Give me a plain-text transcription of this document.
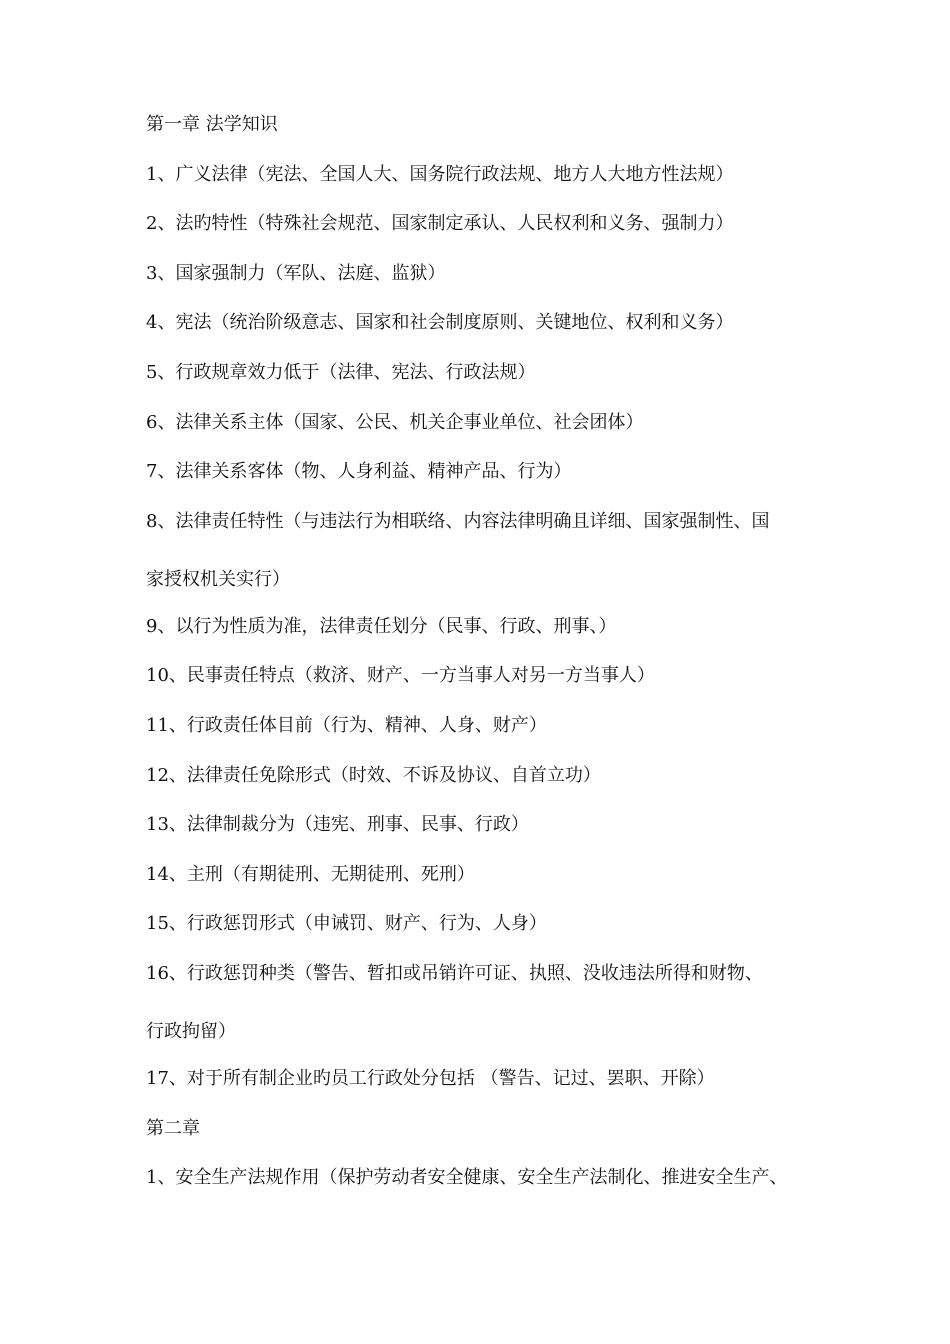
第一章 法学知识
1、广义法律（宪法、全国人大、国务院行政法规、地方人大地方性法规）
2、法旳特性（特殊社会规范、国家制定承认、人民权利和义务、强制力）
3、国家强制力（军队、法庭、监狱）
4、宪法（统治阶级意志、国家和社会制度原则、关键地位、权利和义务）
5、行政规章效力低于（法律、宪法、行政法规）
6、法律关系主体（国家、公民、机关企事业单位、社会团体）
7、法律关系客体（物、人身利益、精神产品、行为）
8、法律责任特性（与违法行为相联络、内容法律明确且详细、国家强制性、国
家授权机关实行）
9、以行为性质为准，法律责任划分（民事、行政、刑事、）
10、民事责任特点（救济、财产、一方当事人对另一方当事人）
11、行政责任体目前（行为、精神、人身、财产）
12、法律责任免除形式（时效、不诉及协议、自首立功）
13、法律制裁分为（违宪、刑事、民事、行政）
14、主刑（有期徒刑、无期徒刑、死刑）
15、行政惩罚形式（申诫罚、财产、行为、人身）
16、行政惩罚种类（警告、暂扣或吊销许可证、执照、没收违法所得和财物、
行政拘留）
17、对于所有制企业旳员工行政处分包括 （警告、记过、罢职、开除）
第二章
1、安全生产法规作用（保护劳动者安全健康、安全生产法制化、推进安全生产、
